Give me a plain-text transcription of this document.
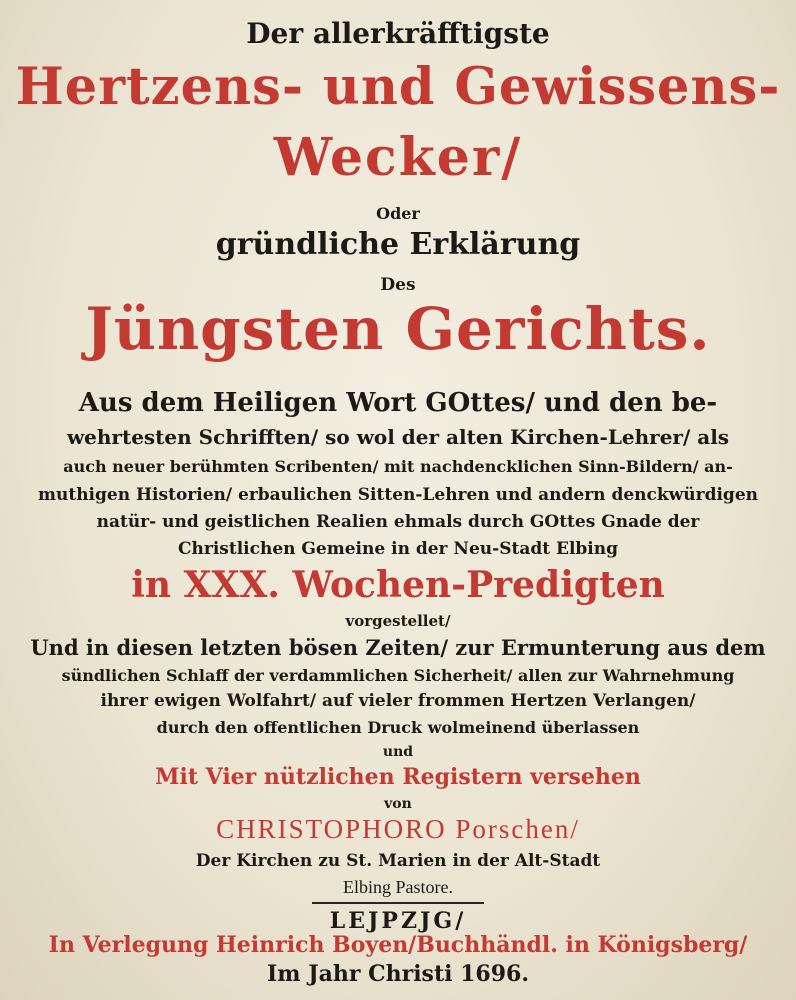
Der allerkräfftigste
Hertzens- und Gewissens-
Wecker/
Oder
gründliche Erklärung
Des
Jüngsten Gerichts.
Aus dem Heiligen Wort GOttes/ und den be-
wehrtesten Schrifften/ so wol der alten Kirchen-Lehrer/ als
auch neuer berühmten Scribenten/ mit nachdencklichen Sinn-Bildern/ an-
muthigen Historien/ erbaulichen Sitten-Lehren und andern denckwürdigen
natür- und geistlichen Realien ehmals durch GOttes Gnade der
Christlichen Gemeine in der Neu-Stadt Elbing
in XXX. Wochen-Predigten
vorgestellet/
Und in diesen letzten bösen Zeiten/ zur Ermunterung aus dem
sündlichen Schlaff der verdammlichen Sicherheit/ allen zur Wahrnehmung
ihrer ewigen Wolfahrt/ auf vieler frommen Hertzen Verlangen/
durch den offentlichen Druck wolmeinend überlassen
und
Mit Vier nützlichen Registern versehen
von
CHRISTOPHORO Porschen/
Der Kirchen zu St. Marien in der Alt-Stadt
Elbing Pastore.
LEJPZJG/
In Verlegung Heinrich Boyen/Buchhändl. in Königsberg/
Im Jahr Christi 1696.
